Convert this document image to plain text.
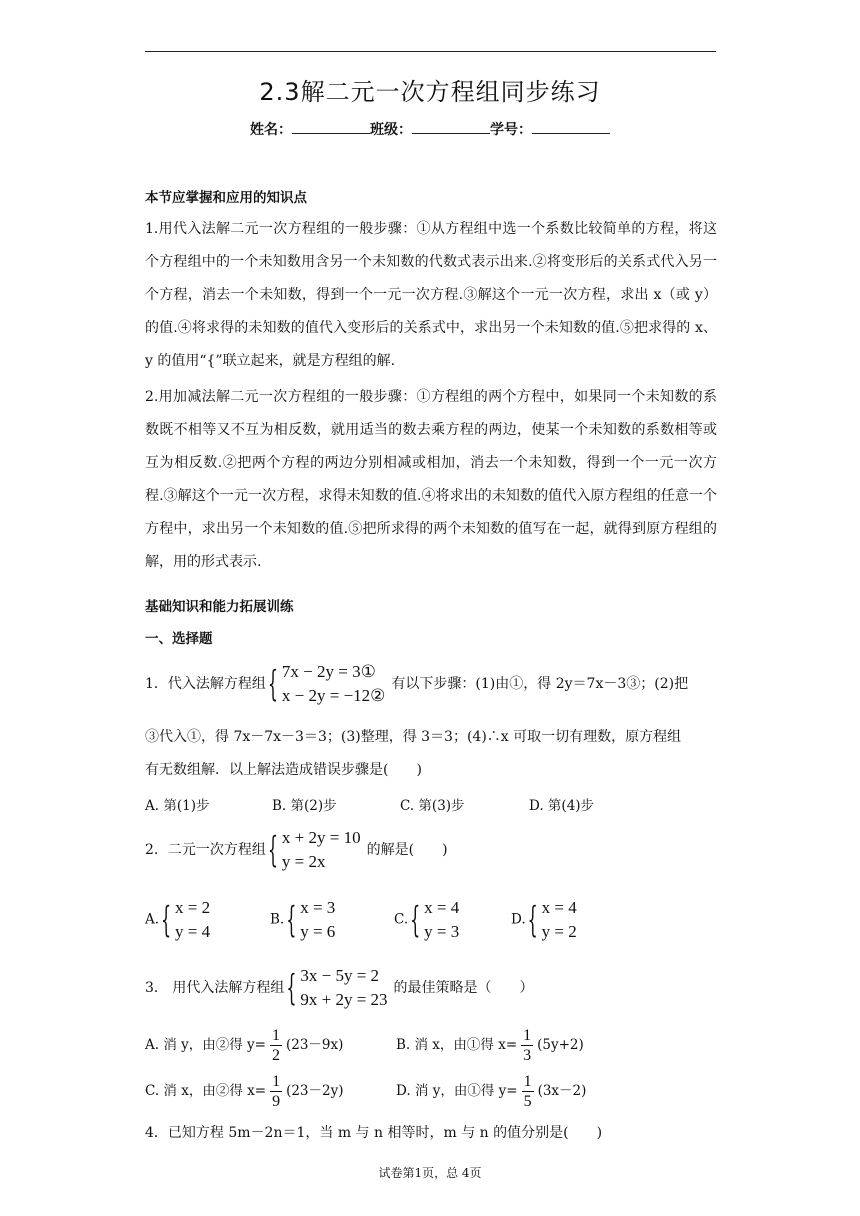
2.3解二元一次方程组同步练习
姓名：	班级：	学号：
本节应掌握和应用的知识点
1.用代入法解二元一次方程组的一般步骤：①从方程组中选一个系数比较简单的方程，将这个方程组中的一个未知数用含另一个未知数的代数式表示出来.②将变形后的关系式代入另一个方程，消去一个未知数，得到一个一元一次方程.③解这个一元一次方程，求出 x（或 y）的值.④将求得的未知数的值代入变形后的关系式中，求出另一个未知数的值.⑤把求得的 x、y 的值用“{”联立起来，就是方程组的解.
2.用加减法解二元一次方程组的一般步骤：①方程组的两个方程中，如果同一个未知数的系数既不相等又不互为相反数，就用适当的数去乘方程的两边，使某一个未知数的系数相等或互为相反数.②把两个方程的两边分别相减或相加，消去一个未知数，得到一个一元一次方程.③解这个一元一次方程，求得未知数的值.④将求出的未知数的值代入原方程组的任意一个方程中，求出另一个未知数的值.⑤把所求得的两个未知数的值写在一起，就得到原方程组的解，用的形式表示.
基础知识和能力拓展训练
一、选择题
1．代入法解方程组 { 7x − 2y = 3①
x − 2y = −12②
有以下步骤：(1)由①，得 2y＝7x－3③；(2)把
③代入①，得 7x－7x－3＝3；(3)整理，得 3＝3；(4)∴x 可取一切有理数，原方程组
有无数组解．以上解法造成错误步骤是(　　)
A. 第(1)步	B. 第(2)步	C. 第(3)步	D. 第(4)步
2．二元一次方程组 { x + 2y = 10
y = 2x
的解是(　　)
A. { x = 2
y = 4
B. { x = 3
y = 6
C. { x = 4
y = 3
D. { x = 4
y = 2
3． 用代入法解方程组 { 3x − 5y = 2
9x + 2y = 23
的最佳策略是（　　）
A. 消 y，由②得 $y= \frac{1}{2} (23-9x)$	B. 消 x，由①得 $x= \frac{1}{3} (5y+2)$
C. 消 x，由②得 $x= \frac{1}{9} (23-2y)$	D. 消 y，由①得 $y= \frac{1}{5} (3x-2)$
4．已知方程 5m－2n＝1，当 m 与 n 相等时，m 与 n 的值分别是(　　)
试卷第1页，总 4页
